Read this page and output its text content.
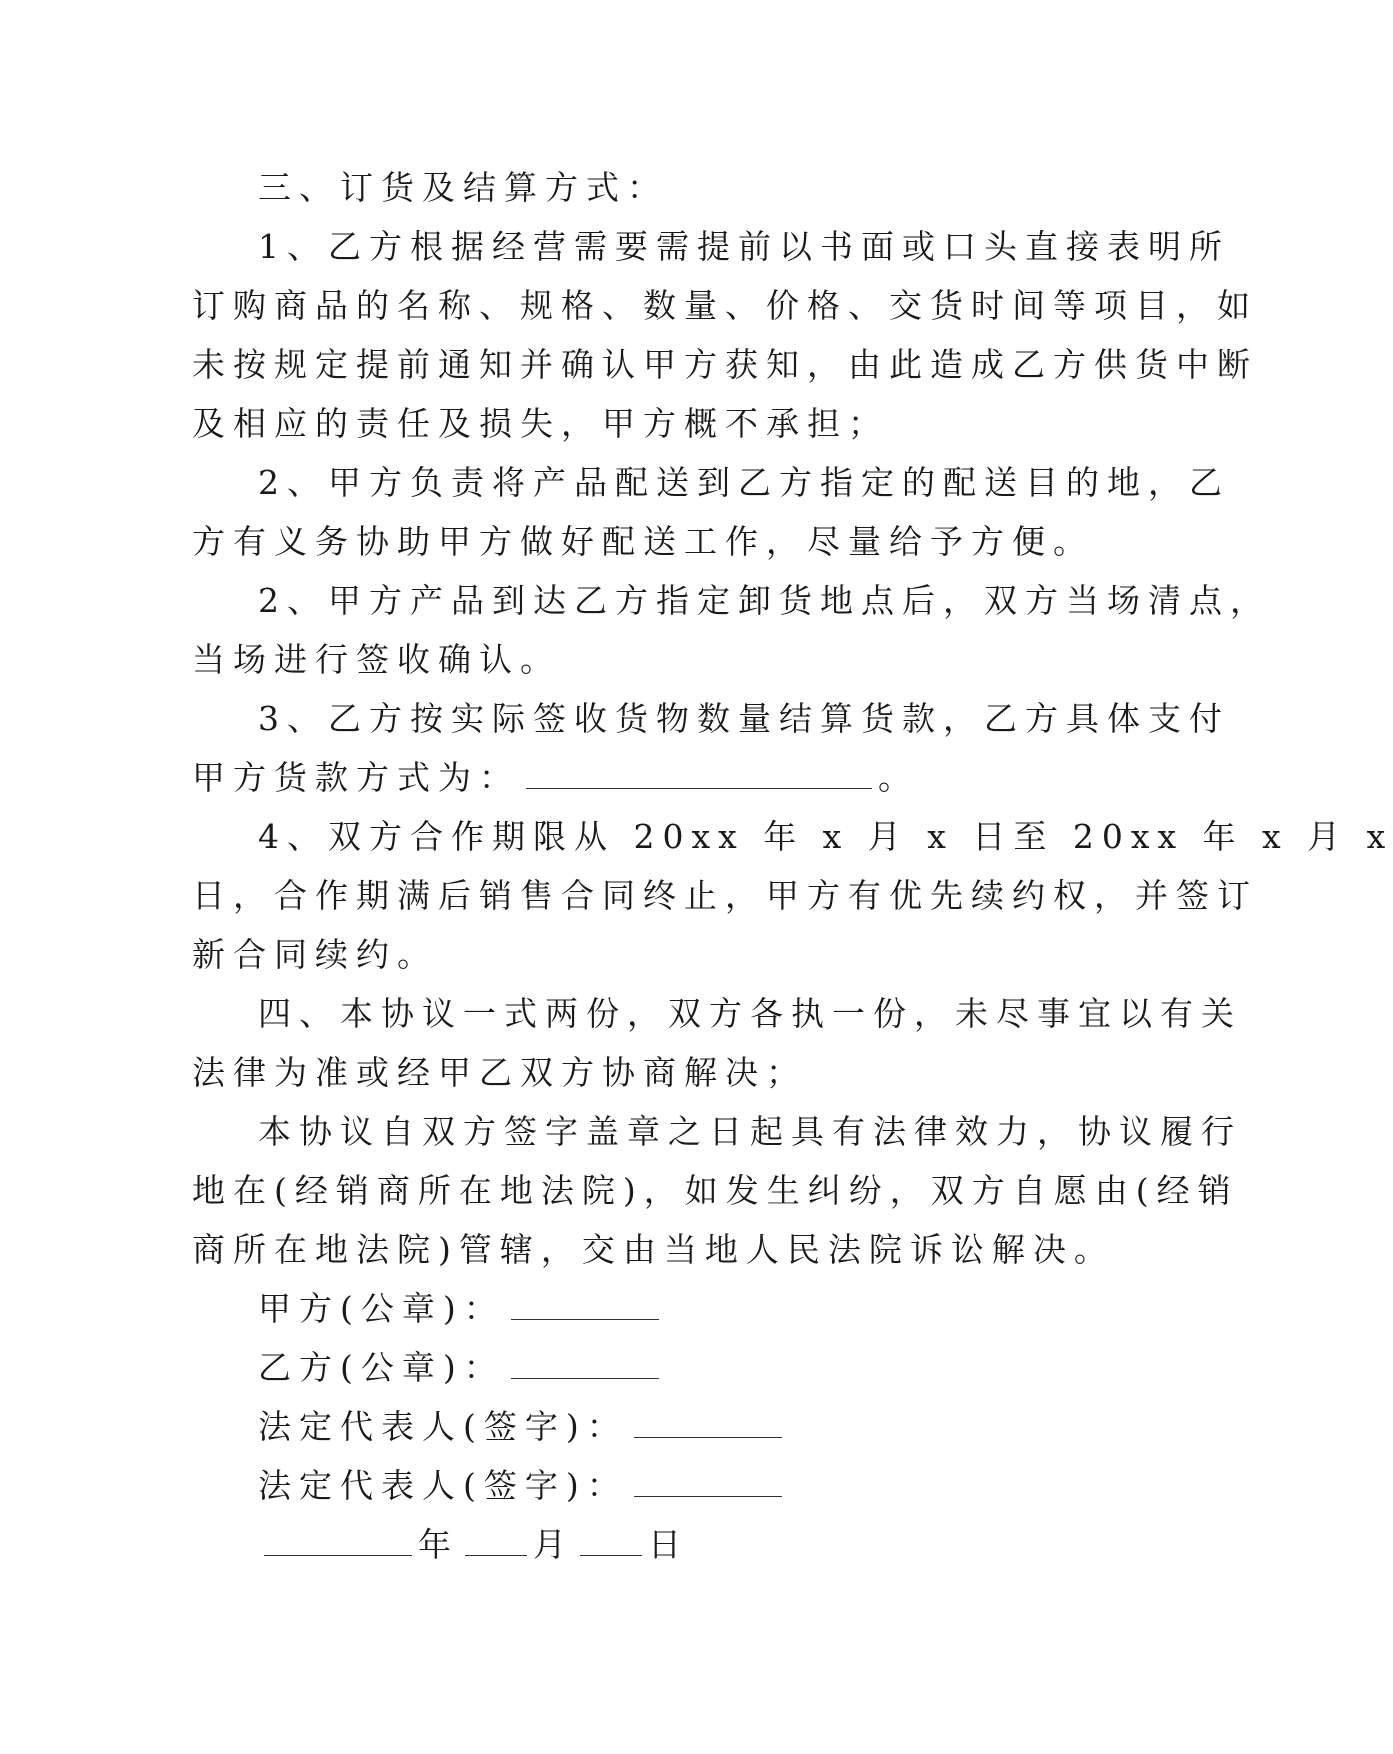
三、订货及结算方式：
1、乙方根据经营需要需提前以书面或口头直接表明所
订购商品的名称、规格、数量、价格、交货时间等项目，如
未按规定提前通知并确认甲方获知，由此造成乙方供货中断
及相应的责任及损失，甲方概不承担；
2、甲方负责将产品配送到乙方指定的配送目的地，乙
方有义务协助甲方做好配送工作，尽量给予方便。
2、甲方产品到达乙方指定卸货地点后，双方当场清点，
当场进行签收确认。
3、乙方按实际签收货物数量结算货款，乙方具体支付
甲方货款方式为：	。
4、双方合作期限从 20xx 年 x 月 x 日至 20xx 年 x 月 x
日，合作期满后销售合同终止，甲方有优先续约权，并签订
新合同续约。
四、本协议一式两份，双方各执一份，未尽事宜以有关
法律为准或经甲乙双方协商解决；
本协议自双方签字盖章之日起具有法律效力，协议履行
地在(经销商所在地法院)，如发生纠纷，双方自愿由(经销
商所在地法院)管辖，交由当地人民法院诉讼解决。
甲方(公章)：
乙方(公章)：
法定代表人(签字)：
法定代表人(签字)：
年 月 日
